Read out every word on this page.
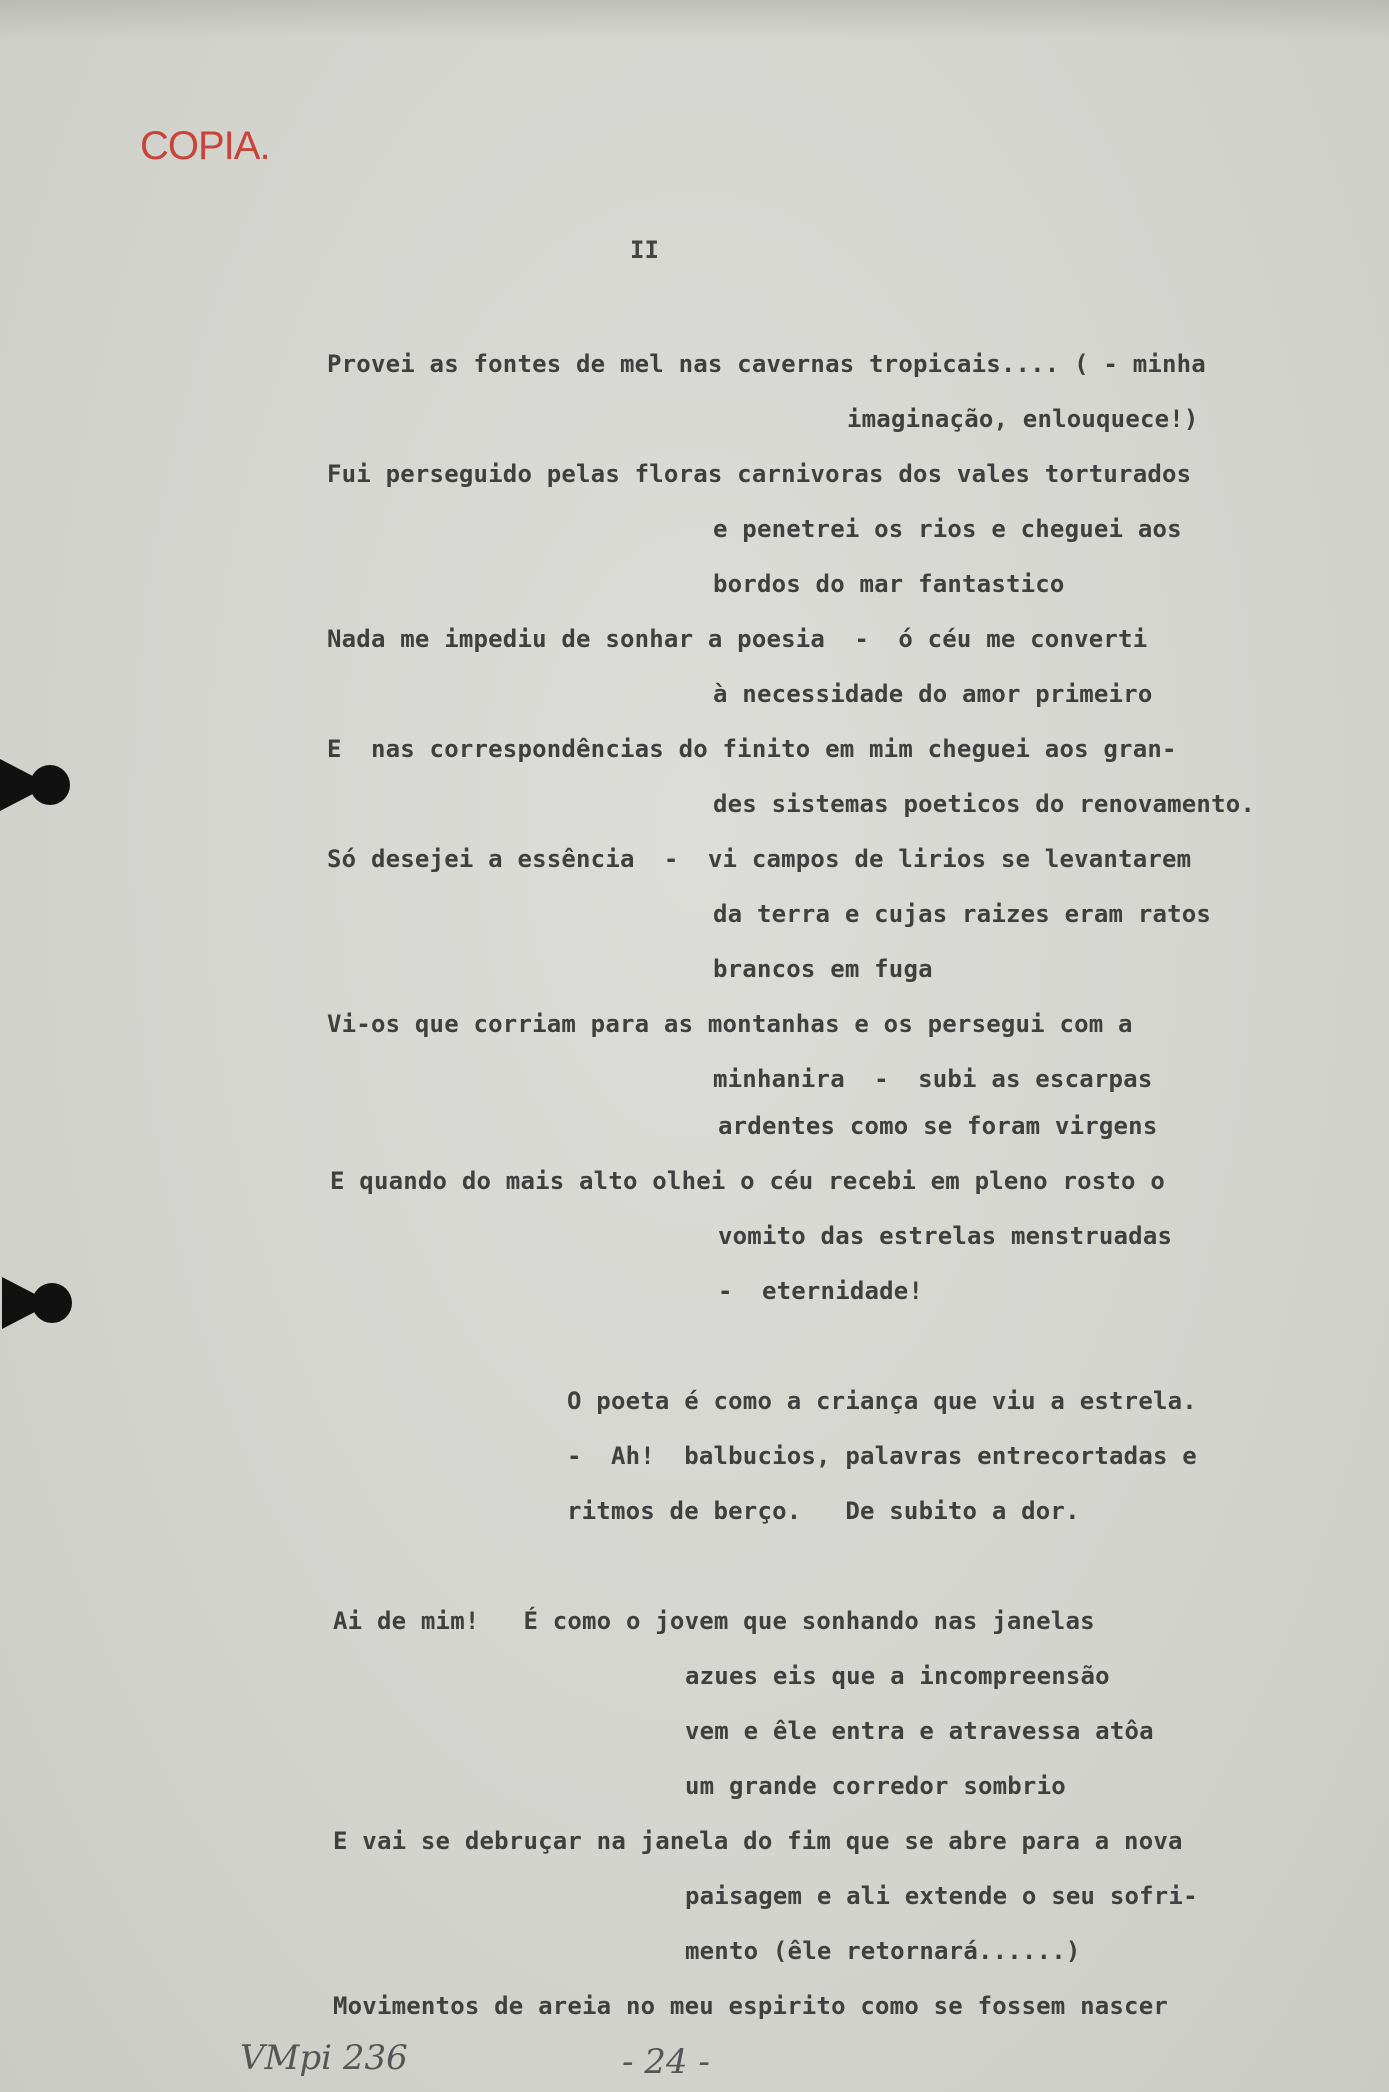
COPIA.
II
Provei as fontes de mel nas cavernas tropicais.... ( - minha
imaginação, enlouquece!)
Fui perseguido pelas floras carnivoras dos vales torturados
e penetrei os rios e cheguei aos
bordos do mar fantastico
Nada me impediu de sonhar a poesia  -  ó céu me converti
à necessidade do amor primeiro
E  nas correspondências do finito em mim cheguei aos gran-
des sistemas poeticos do renovamento.
Só desejei a essência  -  vi campos de lirios se levantarem
da terra e cujas raizes eram ratos
brancos em fuga
Vi-os que corriam para as montanhas e os persegui com a
minhanira  -  subi as escarpas
ardentes como se foram virgens
E quando do mais alto olhei o céu recebi em pleno rosto o
vomito das estrelas menstruadas
-  eternidade!
O poeta é como a criança que viu a estrela.
-  Ah!  balbucios, palavras entrecortadas e
ritmos de berço.   De subito a dor.
Ai de mim!   É como o jovem que sonhando nas janelas
azues eis que a incompreensão
vem e êle entra e atravessa atôa
um grande corredor sombrio
E vai se debruçar na janela do fim que se abre para a nova
paisagem e ali extende o seu sofri-
mento (êle retornará......)
Movimentos de areia no meu espirito como se fossem nascer
VMpi 236	- 24 -
